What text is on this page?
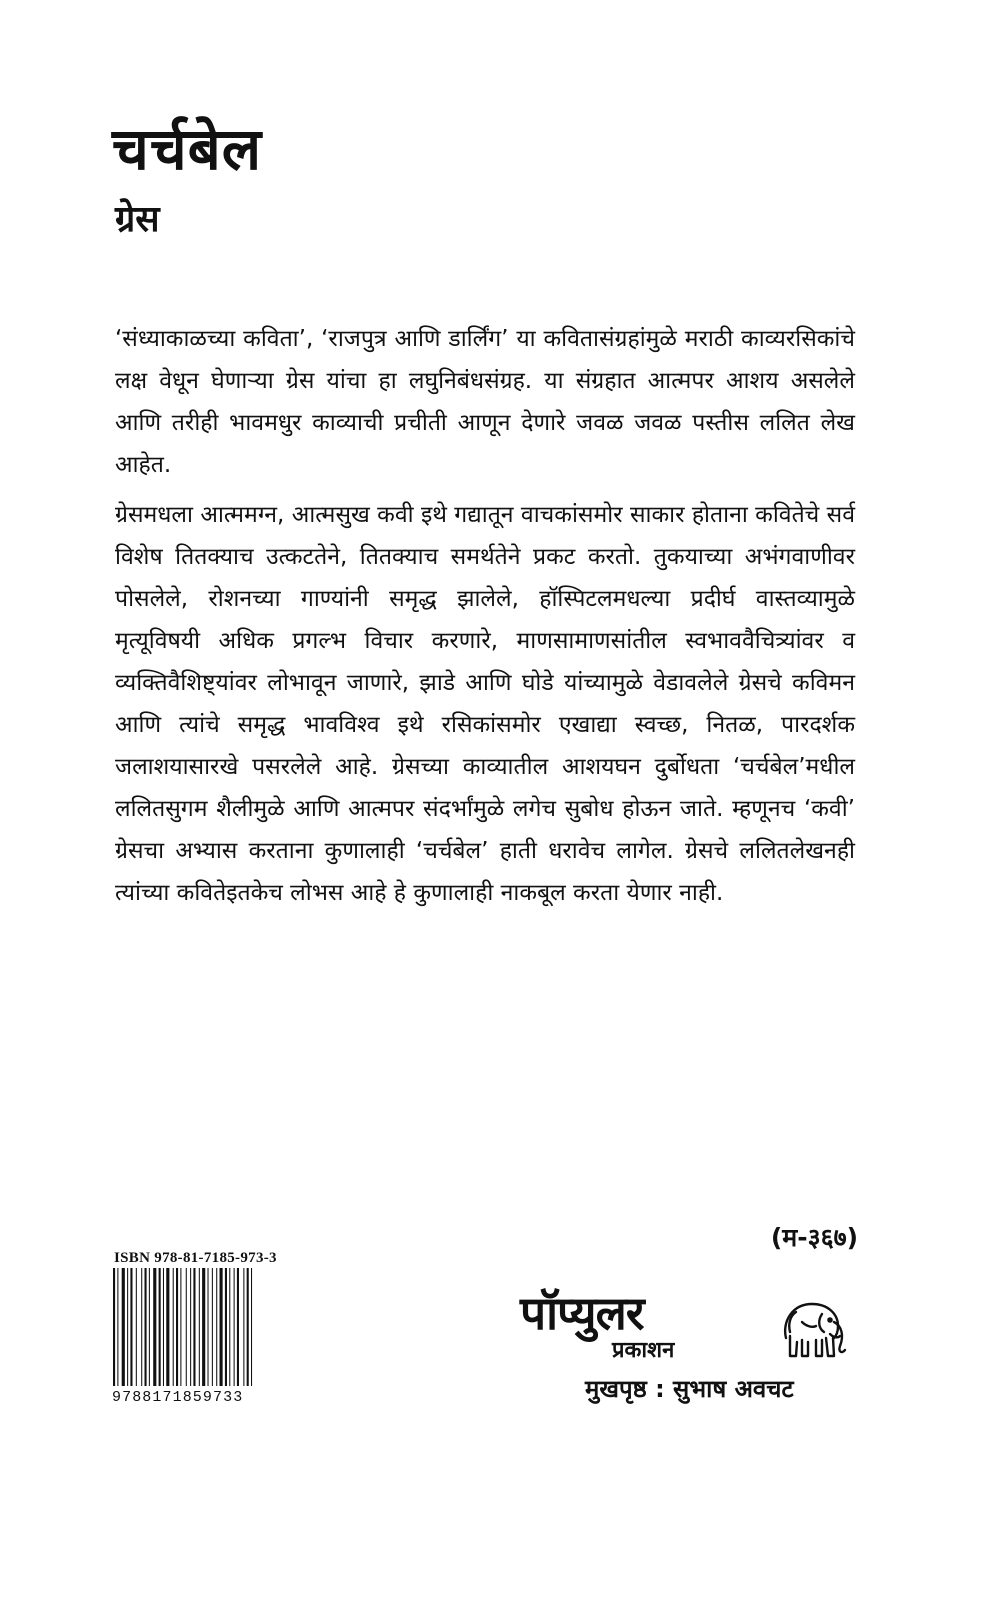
चर्चबेल
ग्रेस

‘संध्याकाळच्या कविता’, ‘राजपुत्र आणि डार्लिंग’ या कवितासंग्रहांमुळे मराठी काव्यरसिकांचे लक्ष वेधून घेणाऱ्या ग्रेस यांचा हा लघुनिबंधसंग्रह. या संग्रहात आत्मपर आशय असलेले आणि तरीही भावमधुर काव्याची प्रचीती आणून देणारे जवळ जवळ पस्तीस ललित लेख आहेत.

ग्रेसमधला आत्ममग्न, आत्मसुख कवी इथे गद्यातून वाचकांसमोर साकार होताना कवितेचे सर्व विशेष तितक्याच उत्कटतेने, तितक्याच समर्थतेने प्रकट करतो. तुकयाच्या अभंगवाणीवर पोसलेले, रोशनच्या गाण्यांनी समृद्ध झालेले, हॉस्पिटलमधल्या प्रदीर्घ वास्तव्यामुळे मृत्यूविषयी अधिक प्रगल्भ विचार करणारे, माणसामाणसांतील स्वभाववैचित्र्यांवर व व्यक्तिवैशिष्ट्यांवर लोभावून जाणारे, झाडे आणि घोडे यांच्यामुळे वेडावलेले ग्रेसचे कविमन आणि त्यांचे समृद्ध भावविश्व इथे रसिकांसमोर एखाद्या स्वच्छ, नितळ, पारदर्शक जलाशयासारखे पसरलेले आहे. ग्रेसच्या काव्यातील आशयघन दुर्बोधता ‘चर्चबेल’मधील ललितसुगम शैलीमुळे आणि आत्मपर संदर्भांमुळे लगेच सुबोध होऊन जाते. म्हणूनच ‘कवी’ ग्रेसचा अभ्यास करताना कुणालाही ‘चर्चबेल’ हाती धरावेच लागेल. ग्रेसचे ललितलेखनही त्यांच्या कवितेइतकेच लोभस आहे हे कुणालाही नाकबूल करता येणार नाही.

(म-३६७)
ISBN 978-81-7185-973-3
9788171859733
पॉप्युलर
प्रकाशन
मुखपृष्ठ : सुभाष अवचट
